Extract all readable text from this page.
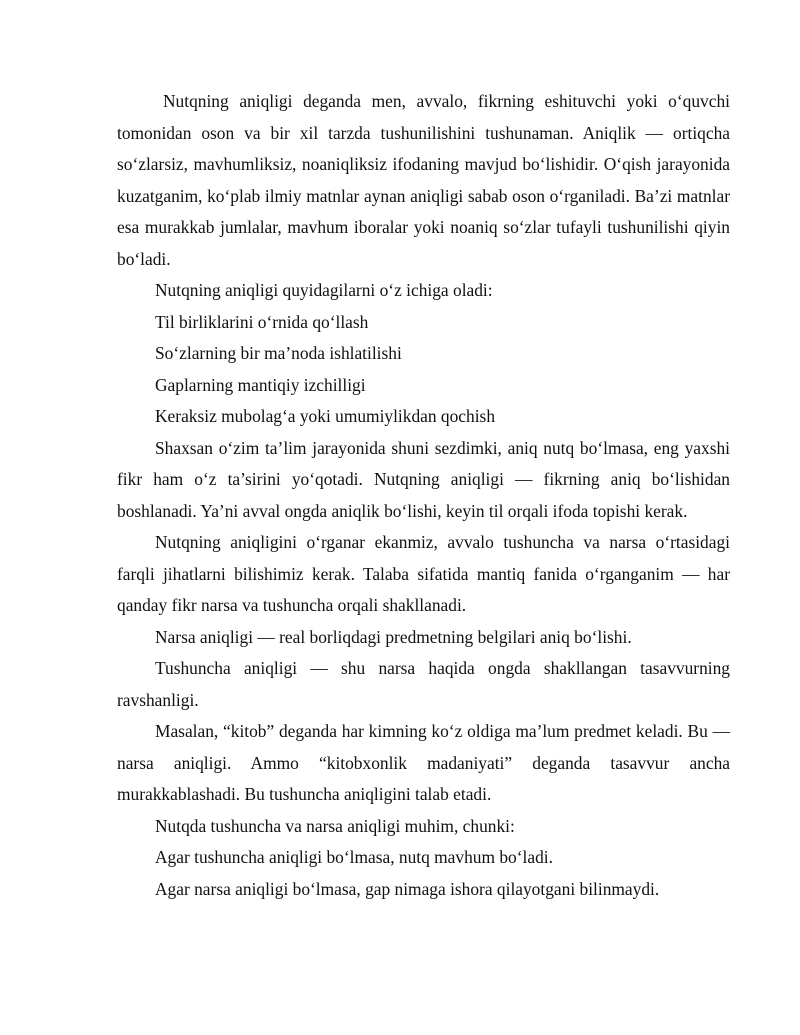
Nutqning aniqligi deganda men, avvalo, fikrning eshituvchi yoki o‘quvchi tomonidan oson va bir xil tarzda tushunilishini tushunaman. Aniqlik — ortiqcha so‘zlarsiz, mavhumliksiz, noaniqliksiz ifodaning mavjud bo‘lishidir. O‘qish jarayonida kuzatganim, ko‘plab ilmiy matnlar aynan aniqligi sabab oson o‘rganiladi. Ba’zi matnlar esa murakkab jumlalar, mavhum iboralar yoki noaniq so‘zlar tufayli tushunilishi qiyin bo‘ladi.

Nutqning aniqligi quyidagilarni o‘z ichiga oladi:

Til birliklarini o‘rnida qo‘llash

So‘zlarning bir ma’noda ishlatilishi

Gaplarning mantiqiy izchilligi

Keraksiz mubolag‘a yoki umumiylikdan qochish

Shaxsan o‘zim ta’lim jarayonida shuni sezdimki, aniq nutq bo‘lmasa, eng yaxshi fikr ham o‘z ta’sirini yo‘qotadi. Nutqning aniqligi — fikrning aniq bo‘lishidan boshlanadi. Ya’ni avval ongda aniqlik bo‘lishi, keyin til orqali ifoda topishi kerak.

Nutqning aniqligini o‘rganar ekanmiz, avvalo tushuncha va narsa o‘rtasidagi farqli jihatlarni bilishimiz kerak. Talaba sifatida mantiq fanida o‘rganganim — har qanday fikr narsa va tushuncha orqali shakllanadi.

Narsa aniqligi — real borliqdagi predmetning belgilari aniq bo‘lishi.

Tushuncha aniqligi — shu narsa haqida ongda shakllangan tasavvurning ravshanligi.

Masalan, “kitob” deganda har kimning ko‘z oldiga ma’lum predmet keladi. Bu — narsa aniqligi. Ammo “kitobxonlik madaniyati” deganda tasavvur ancha murakkablashadi. Bu tushuncha aniqligini talab etadi.

Nutqda tushuncha va narsa aniqligi muhim, chunki:

Agar tushuncha aniqligi bo‘lmasa, nutq mavhum bo‘ladi.

Agar narsa aniqligi bo‘lmasa, gap nimaga ishora qilayotgani bilinmaydi.
